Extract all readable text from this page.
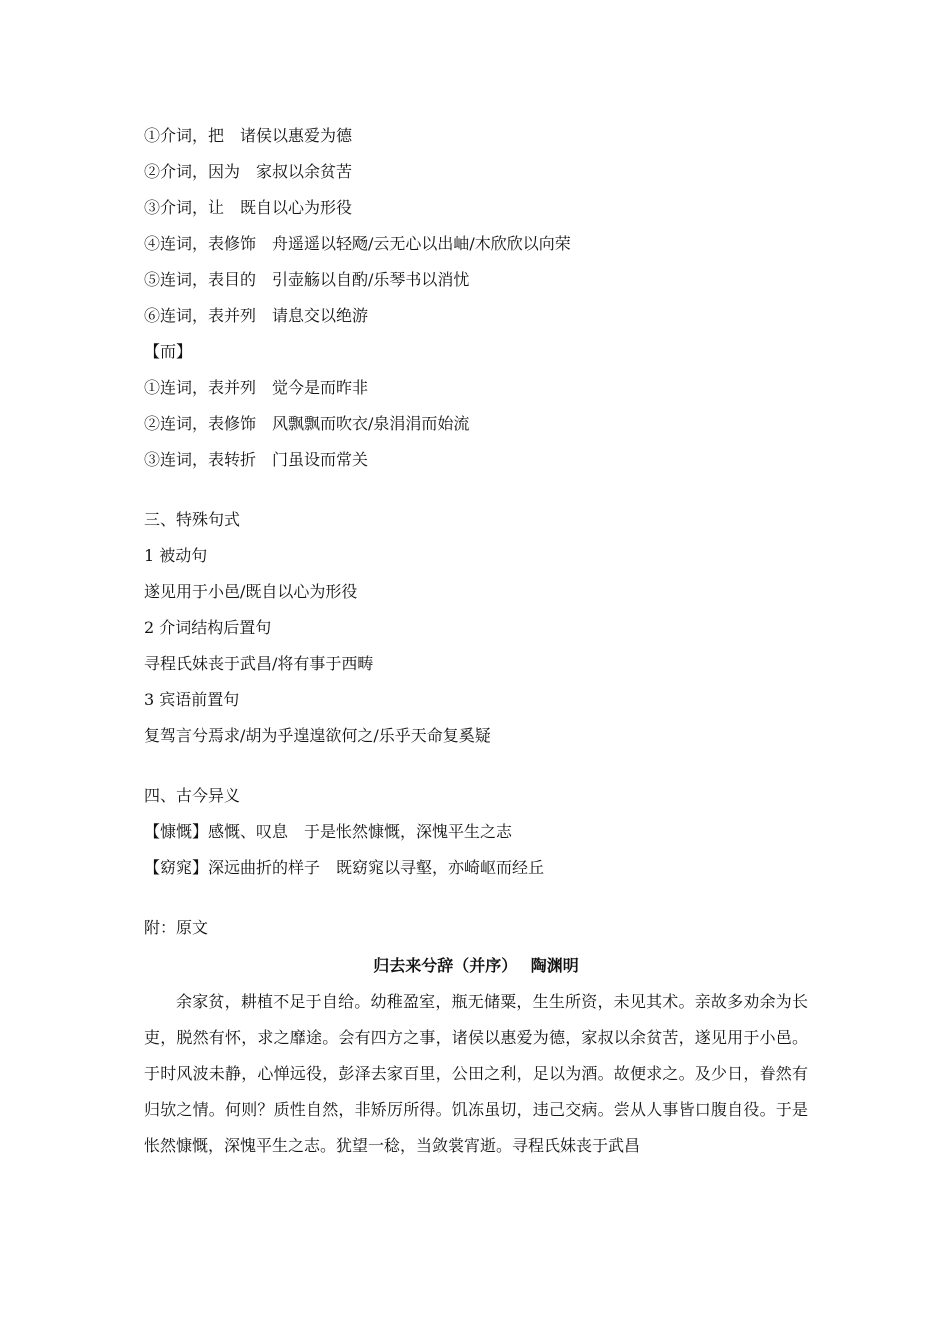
①介词，把　诸侯以惠爱为德
②介词，因为　家叔以余贫苦
③介词，让　既自以心为形役
④连词，表修饰　舟遥遥以轻飏/云无心以出岫/木欣欣以向荣
⑤连词，表目的　引壶觞以自酌/乐琴书以消忧
⑥连词，表并列　请息交以绝游
【而】
①连词，表并列　觉今是而昨非
②连词，表修饰　风飘飘而吹衣/泉涓涓而始流
③连词，表转折　门虽设而常关
三、特殊句式
1 被动句
遂见用于小邑/既自以心为形役
2 介词结构后置句
寻程氏妹丧于武昌/将有事于西畴
3 宾语前置句
复驾言兮焉求/胡为乎遑遑欲何之/乐乎天命复奚疑
四、古今异义
【慷慨】感慨、叹息　于是怅然慷慨，深愧平生之志
【窈窕】深远曲折的样子　既窈窕以寻壑，亦崎岖而经丘
附：原文
归去来兮辞（并序）　 陶渊明
余家贫，耕植不足于自给。幼稚盈室，瓶无储粟，生生所资，未见其术。亲故多劝余为长吏，脱然有怀，求之靡途。会有四方之事，诸侯以惠爱为德，家叔以余贫苦，遂见用于小邑。于时风波未静，心惮远役，彭泽去家百里，公田之利，足以为酒。故便求之。及少日，眷然有归欤之情。何则？质性自然，非矫厉所得。饥冻虽切，违己交病。尝从人事皆口腹自役。于是怅然慷慨，深愧平生之志。犹望一稔，当敛裳宵逝。寻程氏妹丧于武昌
